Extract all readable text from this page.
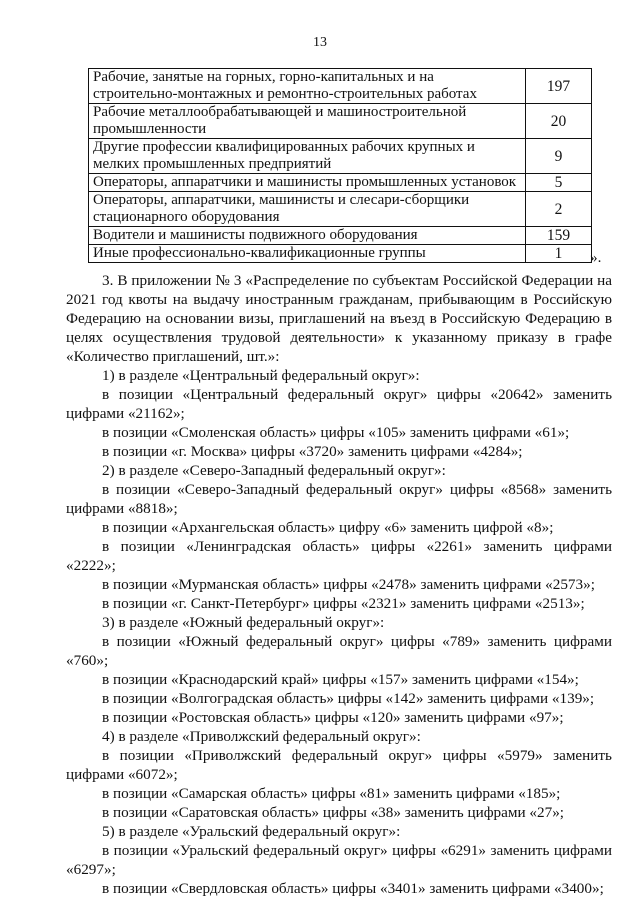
13
Рабочие, занятые на горных, горно-капитальных и на строительно-монтажных и ремонтно-строительных работах	197
Рабочие металлообрабатывающей и машиностроительной промышленности	20
Другие профессии квалифицированных рабочих крупных и мелких промышленных предприятий	9
Операторы, аппаратчики и машинисты промышленных установок	5
Операторы, аппаратчики, машинисты и слесари-сборщики стационарного оборудования	2
Водители и машинисты подвижного оборудования	159
Иные профессионально-квалификационные группы	1 ».

3. В приложении № 3 «Распределение по субъектам Российской Федерации на 2021 год квоты на выдачу иностранным гражданам, прибывающим в Российскую Федерацию на основании визы, приглашений на въезд в Российскую Федерацию в целях осуществления трудовой деятельности» к указанному приказу в графе «Количество приглашений, шт.»:

1) в разделе «Центральный федеральный округ»:

в позиции «Центральный федеральный округ» цифры «20642» заменить цифрами «21162»;

в позиции «Смоленская область» цифры «105» заменить цифрами «61»;

в позиции «г. Москва» цифры «3720» заменить цифрами «4284»;

2) в разделе «Северо-Западный федеральный округ»:

в позиции «Северо-Западный федеральный округ» цифры «8568» заменить цифрами «8818»;

в позиции «Архангельская область» цифру «6» заменить цифрой «8»;

в позиции «Ленинградская область» цифры «2261» заменить цифрами «2222»;

в позиции «Мурманская область» цифры «2478» заменить цифрами «2573»;

в позиции «г. Санкт-Петербург» цифры «2321» заменить цифрами «2513»;

3) в разделе «Южный федеральный округ»:

в позиции «Южный федеральный округ» цифры «789» заменить цифрами «760»;

в позиции «Краснодарский край» цифры «157» заменить цифрами «154»;

в позиции «Волгоградская область» цифры «142» заменить цифрами «139»;

в позиции «Ростовская область» цифры «120» заменить цифрами «97»;

4) в разделе «Приволжский федеральный округ»:

в позиции «Приволжский федеральный округ» цифры «5979» заменить цифрами «6072»;

в позиции «Самарская область» цифры «81» заменить цифрами «185»;

в позиции «Саратовская область» цифры «38» заменить цифрами «27»;

5) в разделе «Уральский федеральный округ»:

в позиции «Уральский федеральный округ» цифры «6291» заменить цифрами «6297»;

в позиции «Свердловская область» цифры «3401» заменить цифрами «3400»;
